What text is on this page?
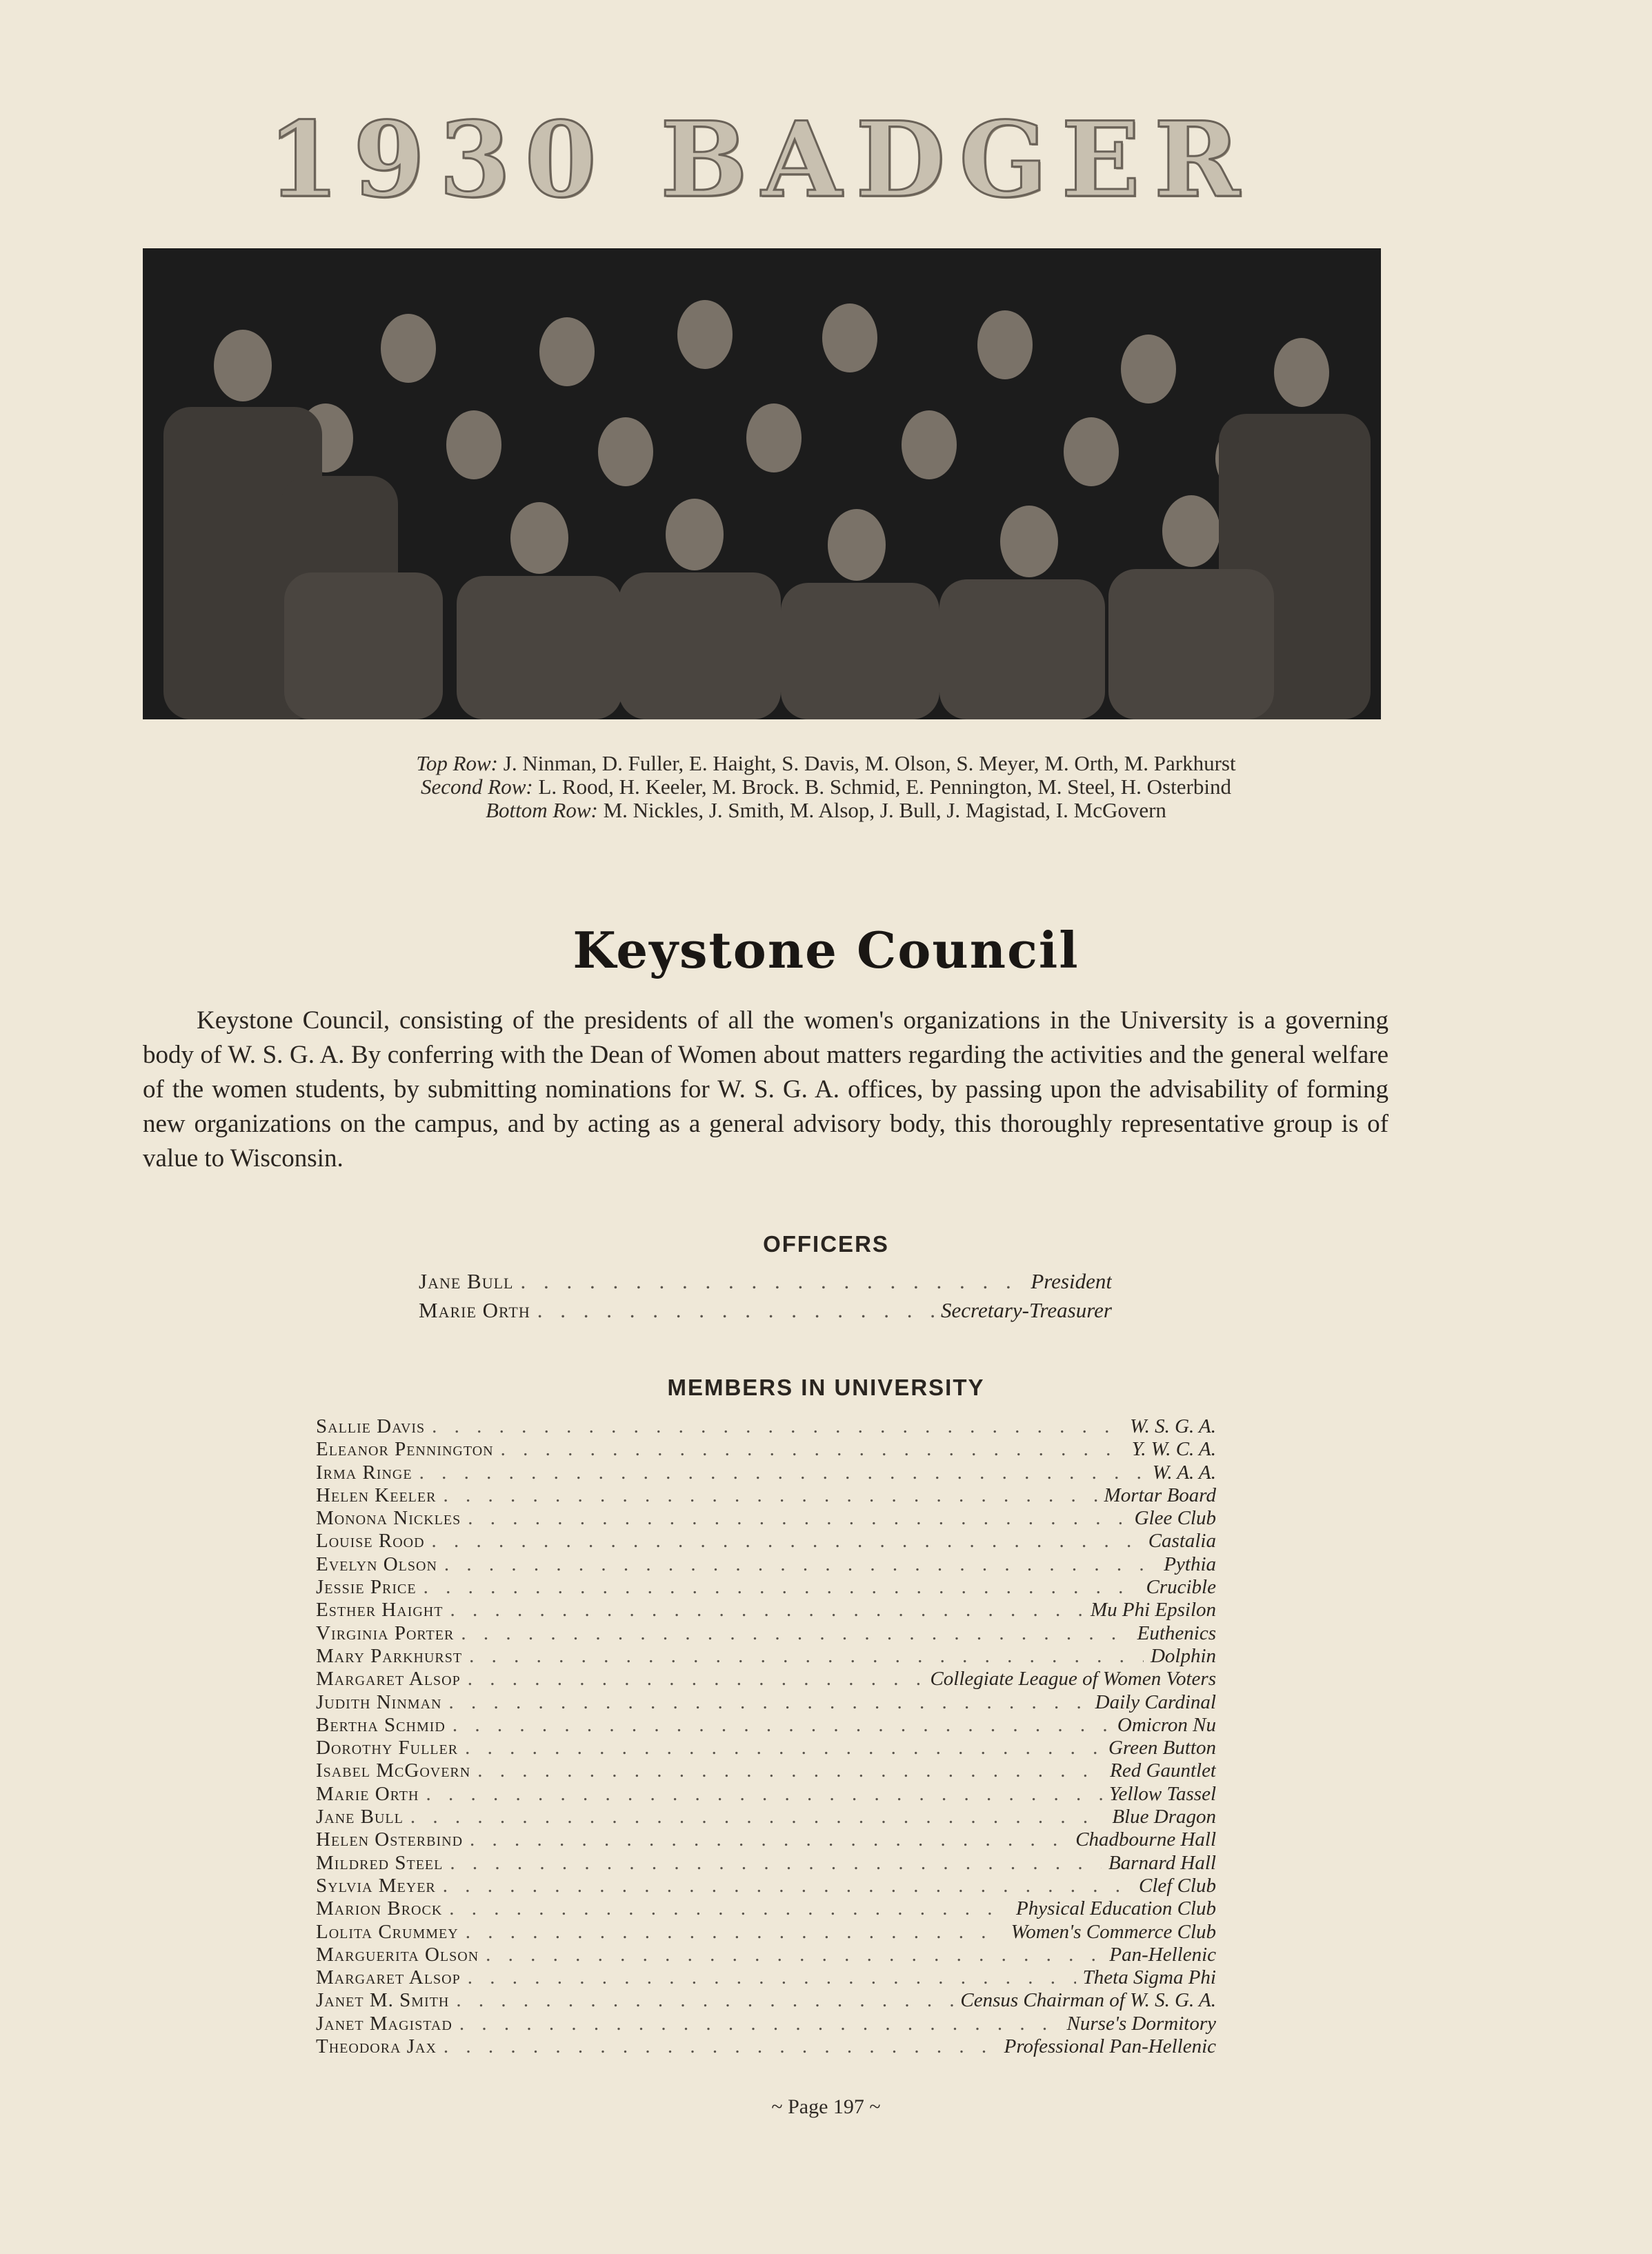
1930 BADGER
Top Row: J. Ninman, D. Fuller, E. Haight, S. Davis, M. Olson, S. Meyer, M. Orth, M. Parkhurst
Second Row: L. Rood, H. Keeler, M. Brock. B. Schmid, E. Pennington, M. Steel, H. Osterbind
Bottom Row: M. Nickles, J. Smith, M. Alsop, J. Bull, J. Magistad, I. McGovern
Keystone Council
Keystone Council, consisting of the presidents of all the women's organizations in the University is a governing body of W. S. G. A. By conferring with the Dean of Women about matters regarding the activities and the general welfare of the women students, by submitting nominations for W. S. G. A. offices, by passing upon the advisability of forming new organizations on the campus, and by acting as a general advisory body, this thoroughly representative group is of value to Wisconsin.
OFFICERS
Jane Bull . . .	President
Marie Orth . . .	Secretary-Treasurer
MEMBERS IN UNIVERSITY
Sallie Davis . . .	W. S. G. A.
Eleanor Pennington . . .	Y. W. C. A.
Irma Ringe . . .	W. A. A.
Helen Keeler . . .	Mortar Board
Monona Nickles . . .	Glee Club
Louise Rood . . .	Castalia
Evelyn Olson . . .	Pythia
Jessie Price . . .	Crucible
Esther Haight . . .	Mu Phi Epsilon
Virginia Porter . . .	Euthenics
Mary Parkhurst . . .	Dolphin
Margaret Alsop . . .	Collegiate League of Women Voters
Judith Ninman . . .	Daily Cardinal
Bertha Schmid . . .	Omicron Nu
Dorothy Fuller . . .	Green Button
Isabel McGovern . . .	Red Gauntlet
Marie Orth . . .	Yellow Tassel
Jane Bull . . .	Blue Dragon
Helen Osterbind . . .	Chadbourne Hall
Mildred Steel . . .	Barnard Hall
Sylvia Meyer . . .	Clef Club
Marion Brock . . .	Physical Education Club
Lolita Crummey . . .	Women's Commerce Club
Marguerita Olson . . .	Pan-Hellenic
Margaret Alsop . . .	Theta Sigma Phi
Janet M. Smith . . .	Census Chairman of W. S. G. A.
Janet Magistad . . .	Nurse's Dormitory
Theodora Jax . . .	Professional Pan-Hellenic
~ Page 197 ~
